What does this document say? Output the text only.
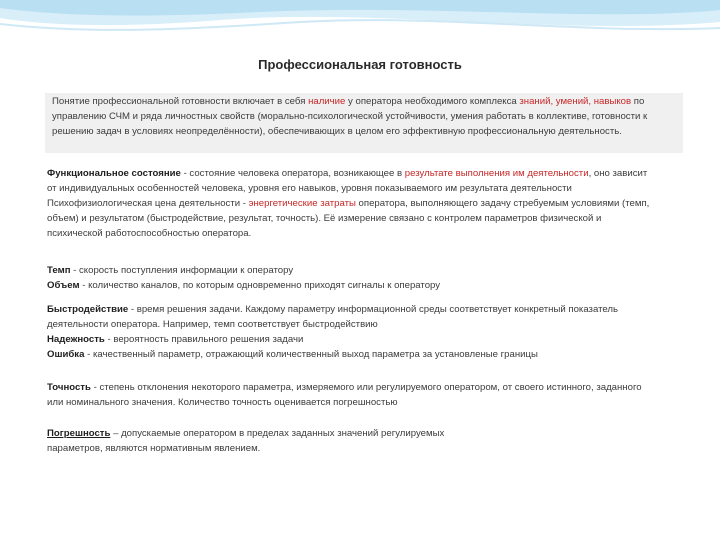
Профессиональная готовность

Понятие профессиональной готовности включает в себя наличие у оператора необходимого комплекса знаний, умений, навыков по управлению СЧМ и ряда личностных свойств (морально-психологической устойчивости, умения работать в коллективе, готовности к решению задач в условиях неопределённости), обеспечивающих в целом его эффективную профессиональную деятельность.

Функциональное состояние - состояние человека оператора, возникающее в результате выполнения им деятельности, оно зависит от индивидуальных особенностей человека, уровня его навыков, уровня показываемого им результата деятельности
Психофизиологическая цена деятельности - энергетические затраты оператора, выполняющего задачу стребуемым условиями (темп, объем) и результатом (быстродействие, результат, точность). Её измерение связано с контролем параметров физической и психической работоспособностью оператора.

Темп - скорость поступления информации к оператору
Объем - количество каналов, по которым одновременно приходят сигналы к оператору

Быстродействие - время решения задачи. Каждому параметру информационной среды соответствует конкретный показатель деятельности оператора. Например, темп соответствует быстродействию
Надежность - вероятность правильного решения задачи
Ошибка - качественный параметр, отражающий количественный выход параметра за установленые границы

Точность - степень отклонения некоторого параметра, измеряемого или регулируемого оператором, от своего истинного, заданного или номинального значения. Количество точность оценивается погрешностью

Погрешность – допускаемые оператором в пределах заданных значений регулируемых параметров, являются нормативным явлением.
